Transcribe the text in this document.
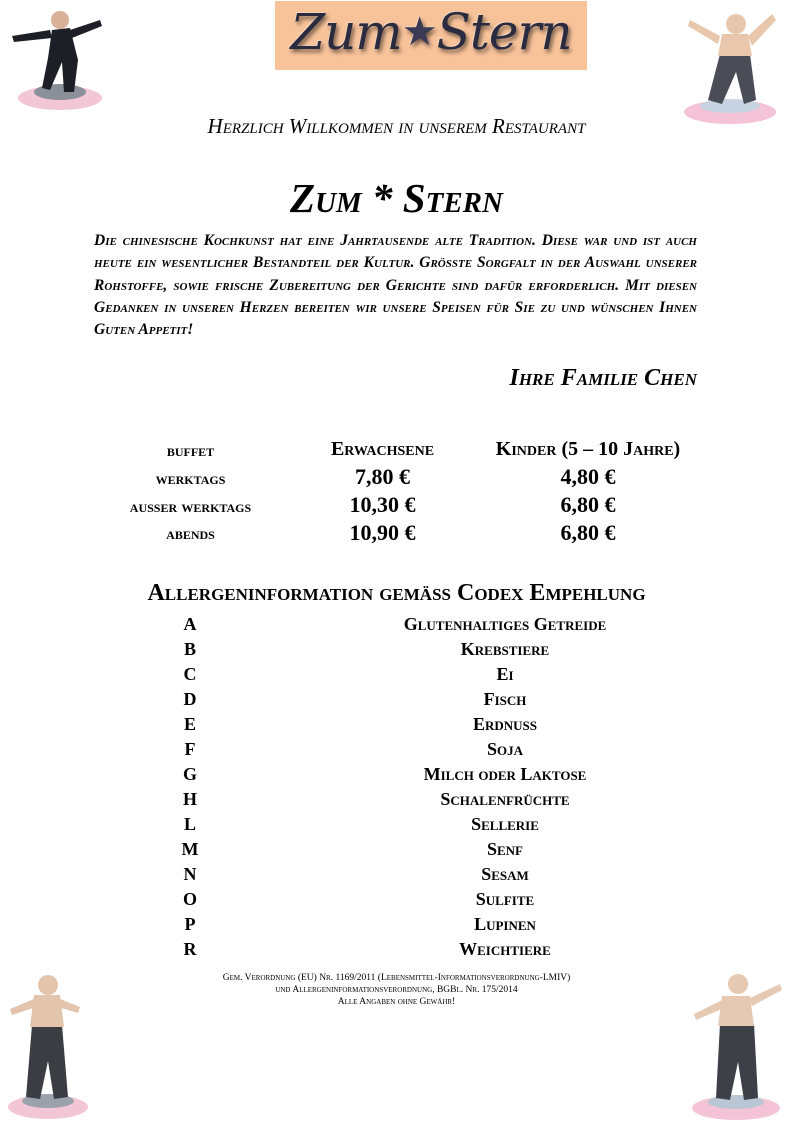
Zum★Stern
Herzlich Willkommen in unserem Restaurant
Zum * Stern
Die chinesische Kochkunst hat eine Jahrtausende alte Tradition. Diese war und ist auch heute ein wesentlicher Bestandteil der Kultur. Grösste Sorgfalt in der Auswahl unserer Rohstoffe, sowie frische Zubereitung der Gerichte sind dafür erforderlich. Mit diesen Gedanken in unseren Herzen bereiten wir unsere Speisen für Sie zu und wünschen Ihnen Guten Appetit!
Ihre Familie Chen
buffet	Erwachsene	Kinder (5 – 10 Jahre)
werktags	7,80 €	4,80 €
ausser werktags	10,30 €	6,80 €
abends	10,90 €	6,80 €
Allergeninformation gemäss Codex Empehlung
A	Glutenhaltiges Getreide
B	Krebstiere
C	Ei
D	Fisch
E	Erdnuss
F	Soja
G	Milch oder Laktose
H	Schalenfrüchte
L	Sellerie
M	Senf
N	Sesam
O	Sulfite
P	Lupinen
R	Weichtiere
Gem. Verordnung (EU) Nr. 1169/2011 (Lebensmittel-Informationsverordnung-LMIV)
und Allergeninformationsverordnung, BGBl. Nr. 175/2014
Alle Angaben ohne Gewähr!
